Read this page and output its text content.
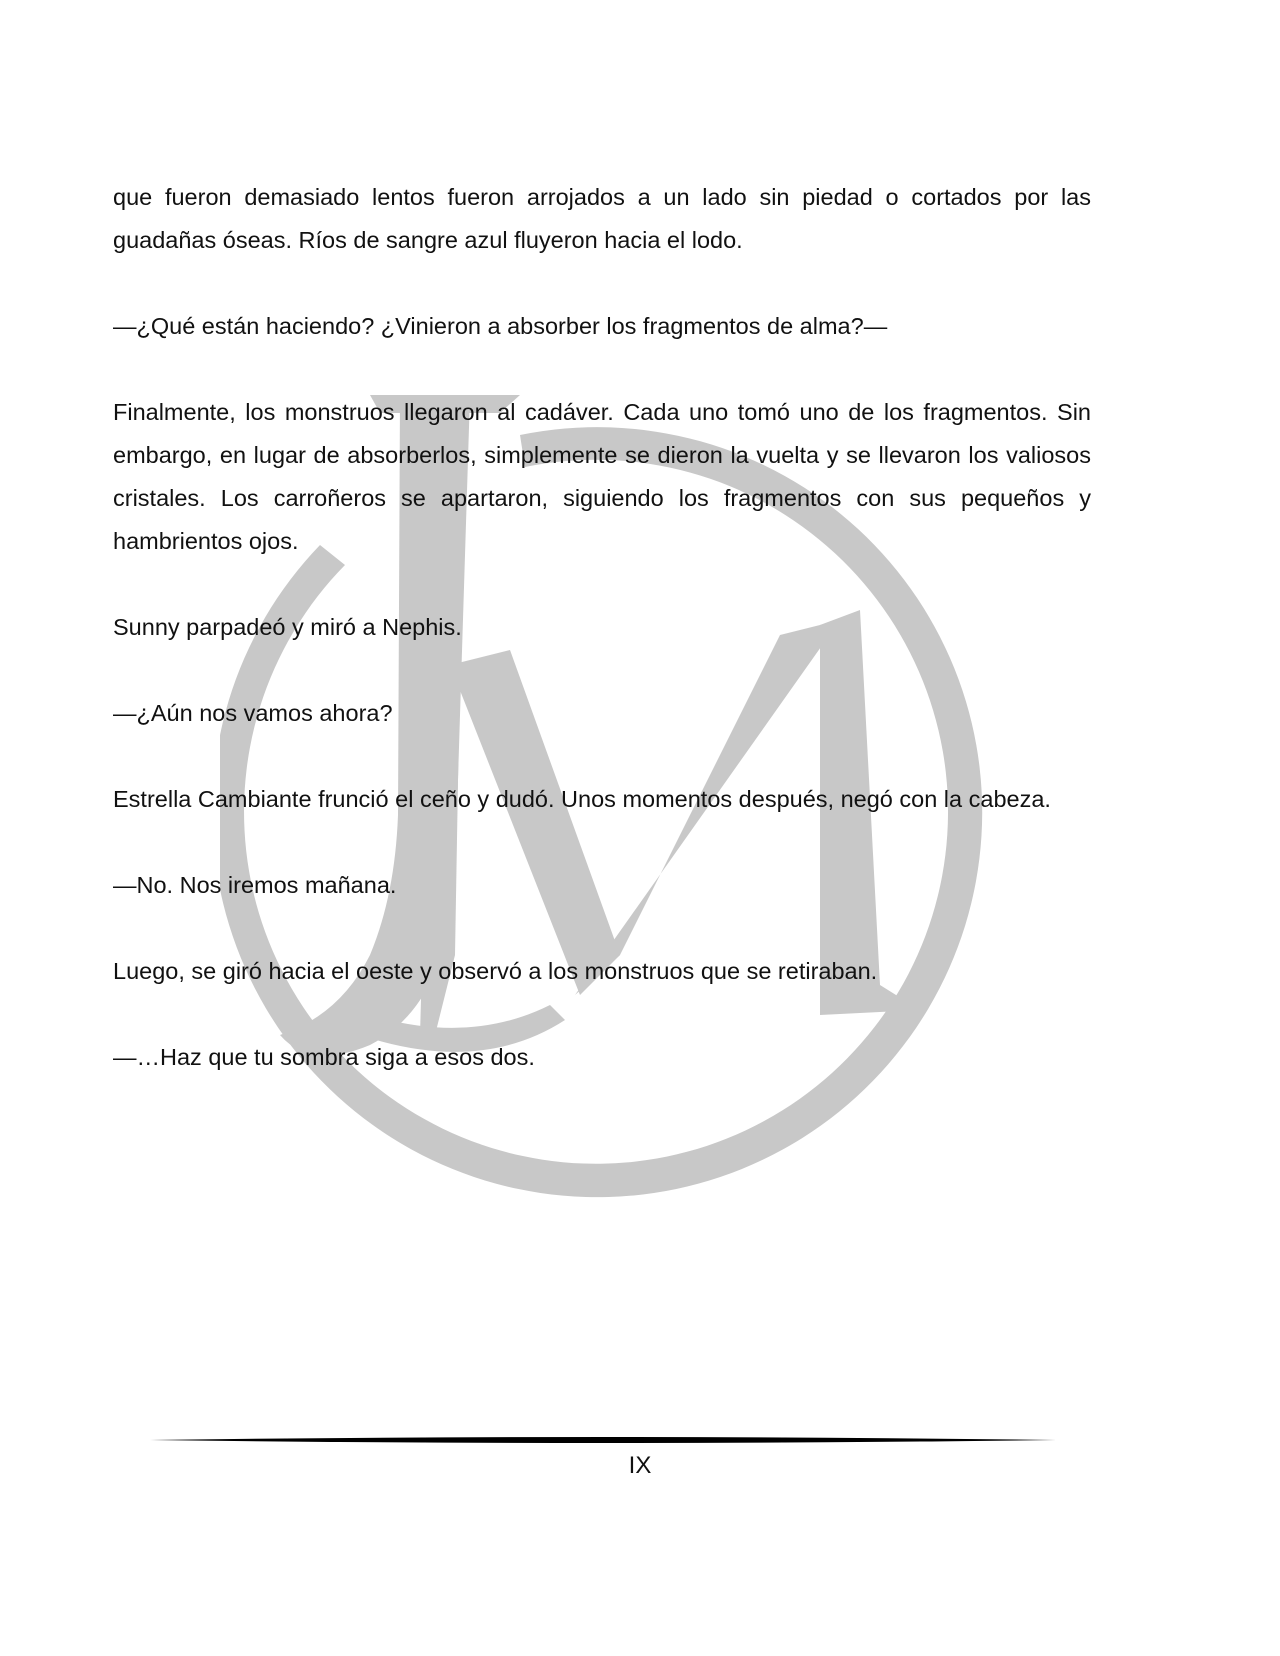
que fueron demasiado lentos fueron arrojados a un lado sin piedad o cortados por las guadañas óseas. Ríos de sangre azul fluyeron hacia el lodo.

—¿Qué están haciendo? ¿Vinieron a absorber los fragmentos de alma?—

Finalmente, los monstruos llegaron al cadáver. Cada uno tomó uno de los fragmentos. Sin embargo, en lugar de absorberlos, simplemente se dieron la vuelta y se llevaron los valiosos cristales. Los carroñeros se apartaron, siguiendo los fragmentos con sus pequeños y hambrientos ojos.

Sunny parpadeó y miró a Nephis.

—¿Aún nos vamos ahora?

Estrella Cambiante frunció el ceño y dudó. Unos momentos después, negó con la cabeza.

—No. Nos iremos mañana.

Luego, se giró hacia el oeste y observó a los monstruos que se retiraban.

—…Haz que tu sombra siga a esos dos.

IX
